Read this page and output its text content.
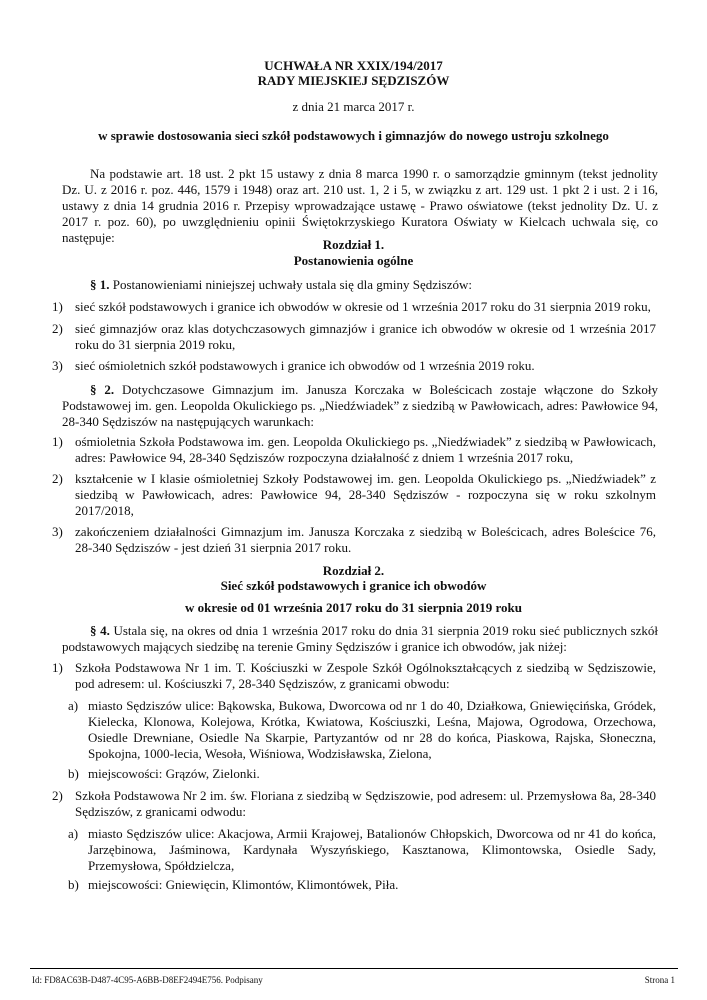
UCHWAŁA NR XXIX/194/2017
RADY MIEJSKIEJ SĘDZISZÓW
z dnia 21 marca 2017 r.
w sprawie dostosowania sieci szkół podstawowych i gimnazjów do nowego ustroju szkolnego
Na podstawie art. 18 ust. 2 pkt 15 ustawy z dnia 8 marca 1990 r. o samorządzie gminnym (tekst jednolity Dz. U. z 2016 r. poz. 446, 1579 i 1948) oraz art. 210 ust. 1, 2 i 5, w związku z art. 129 ust. 1 pkt 2 i ust. 2 i 16, ustawy z dnia 14 grudnia 2016 r. Przepisy wprowadzające ustawę - Prawo oświatowe (tekst jednolity Dz. U. z 2017 r. poz. 60), po uwzględnieniu opinii Świętokrzyskiego Kuratora Oświaty w Kielcach uchwala się, co następuje:	Rozdział 1.
Postanowienia ogólne
§ 1. Postanowieniami niniejszej uchwały ustala się dla gminy Sędziszów:
1) sieć szkół podstawowych i granice ich obwodów w okresie od 1 września 2017 roku do 31 sierpnia 2019 roku,
2) sieć gimnazjów oraz klas dotychczasowych gimnazjów i granice ich obwodów w okresie od 1 września 2017 roku do 31 sierpnia 2019 roku,
3) sieć ośmioletnich szkół podstawowych i granice ich obwodów od 1 września 2019 roku.
§ 2. Dotychczasowe Gimnazjum im. Janusza Korczaka w Boleścicach zostaje włączone do Szkoły Podstawowej im. gen. Leopolda Okulickiego ps. „Niedźwiadek” z siedzibą w Pawłowicach, adres: Pawłowice 94, 28-340 Sędziszów na następujących warunkach:
1) ośmioletnia Szkoła Podstawowa im. gen. Leopolda Okulickiego ps. „Niedźwiadek” z siedzibą w Pawłowicach, adres: Pawłowice 94, 28-340 Sędziszów rozpoczyna działalność z dniem 1 września 2017 roku,
2) kształcenie w I klasie ośmioletniej Szkoły Podstawowej im. gen. Leopolda Okulickiego ps. „Niedźwiadek” z siedzibą w Pawłowicach, adres: Pawłowice 94, 28-340 Sędziszów - rozpoczyna się w roku szkolnym 2017/2018,
3) zakończeniem działalności Gimnazjum im. Janusza Korczaka z siedzibą w Boleścicach, adres Boleścice 76, 28-340 Sędziszów - jest dzień 31 sierpnia 2017 roku.
Rozdział 2.
Sieć szkół podstawowych i granice ich obwodów
w okresie od 01 września 2017 roku do 31 sierpnia 2019 roku
§ 4. Ustala się, na okres od dnia 1 września 2017 roku do dnia 31 sierpnia 2019 roku sieć publicznych szkół podstawowych mających siedzibę na terenie Gminy Sędziszów i granice ich obwodów, jak niżej:
1) Szkoła Podstawowa Nr 1 im. T. Kościuszki w Zespole Szkół Ogólnokształcących z siedzibą w Sędziszowie, pod adresem: ul. Kościuszki 7, 28-340 Sędziszów, z granicami obwodu:
a) miasto Sędziszów ulice: Bąkowska, Bukowa, Dworcowa od nr 1 do 40, Działkowa, Gniewięcińska, Gródek, Kielecka, Klonowa, Kolejowa, Krótka, Kwiatowa, Kościuszki, Leśna, Majowa, Ogrodowa, Orzechowa, Osiedle Drewniane, Osiedle Na Skarpie, Partyzantów od nr 28 do końca, Piaskowa, Rajska, Słoneczna, Spokojna, 1000-lecia, Wesoła, Wiśniowa, Wodzisławska, Zielona,
b) miejscowości: Grązów, Zielonki.
2) Szkoła Podstawowa Nr 2 im. św. Floriana z siedzibą w Sędziszowie, pod adresem: ul. Przemysłowa 8a, 28-340 Sędziszów, z granicami odwodu:
a) miasto Sędziszów ulice: Akacjowa, Armii Krajowej, Batalionów Chłopskich, Dworcowa od nr 41 do końca, Jarzębinowa, Jaśminowa, Kardynała Wyszyńskiego, Kasztanowa, Klimontowska, Osiedle Sady, Przemysłowa, Spółdzielcza,
b) miejscowości: Gniewięcin, Klimontów, Klimontówek, Piła.
Id: FD8AC63B-D487-4C95-A6BB-D8EF2494E756. Podpisany	Strona 1
